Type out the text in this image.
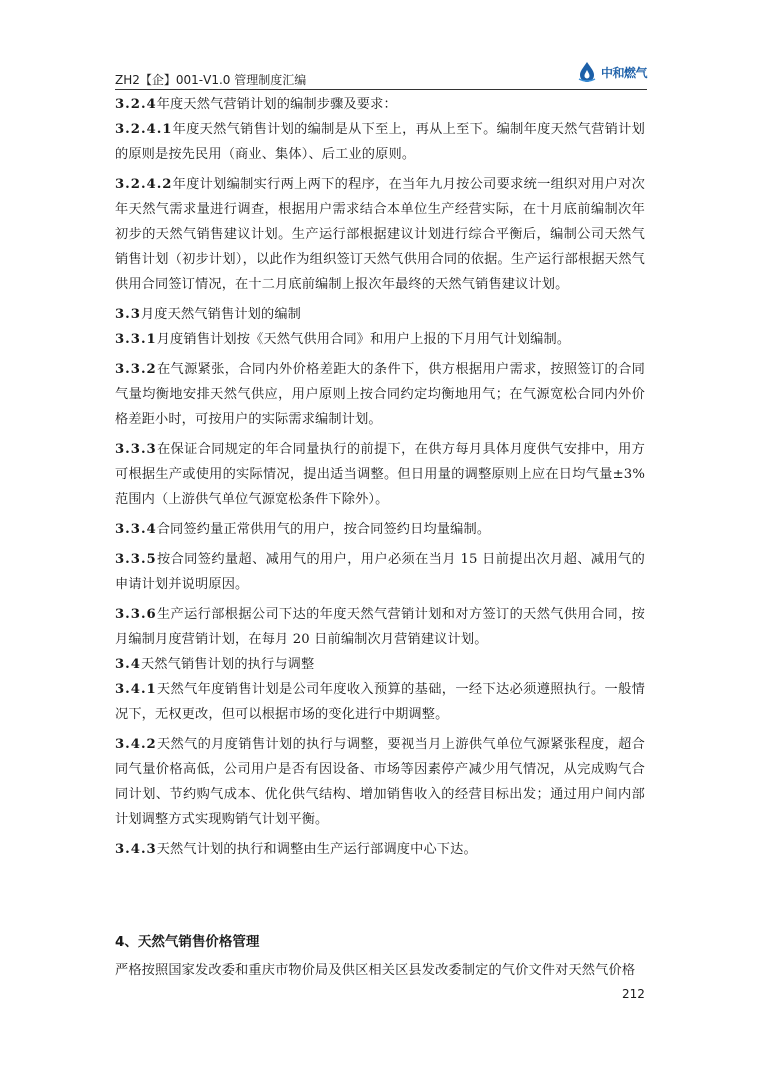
ZH2【企】001-V1.0 管理制度汇编
中和燃气

3.2.4年度天然气营销计划的编制步骤及要求：

3.2.4.1年度天然气销售计划的编制是从下至上，再从上至下。编制年度天然气营销计划的原则是按先民用（商业、集体）、后工业的原则。

3.2.4.2年度计划编制实行两上两下的程序，在当年九月按公司要求统一组织对用户对次年天然气需求量进行调查，根据用户需求结合本单位生产经营实际，在十月底前编制次年初步的天然气销售建议计划。生产运行部根据建议计划进行综合平衡后，编制公司天然气销售计划（初步计划），以此作为组织签订天然气供用合同的依据。生产运行部根据天然气供用合同签订情况，在十二月底前编制上报次年最终的天然气销售建议计划。

3.3月度天然气销售计划的编制

3.3.1月度销售计划按《天然气供用合同》和用户上报的下月用气计划编制。

3.3.2在气源紧张，合同内外价格差距大的条件下，供方根据用户需求，按照签订的合同气量均衡地安排天然气供应，用户原则上按合同约定均衡地用气；在气源宽松合同内外价格差距小时，可按用户的实际需求编制计划。

3.3.3在保证合同规定的年合同量执行的前提下，在供方每月具体月度供气安排中，用方可根据生产或使用的实际情况，提出适当调整。但日用量的调整原则上应在日均气量±3%范围内（上游供气单位气源宽松条件下除外）。

3.3.4合同签约量正常供用气的用户，按合同签约日均量编制。

3.3.5按合同签约量超、减用气的用户，用户必须在当月 15 日前提出次月超、减用气的申请计划并说明原因。

3.3.6生产运行部根据公司下达的年度天然气营销计划和对方签订的天然气供用合同，按月编制月度营销计划，在每月 20 日前编制次月营销建议计划。

3.4天然气销售计划的执行与调整

3.4.1天然气年度销售计划是公司年度收入预算的基础，一经下达必须遵照执行。一般情况下，无权更改，但可以根据市场的变化进行中期调整。

3.4.2天然气的月度销售计划的执行与调整，要视当月上游供气单位气源紧张程度，超合同气量价格高低，公司用户是否有因设备、市场等因素停产减少用气情况，从完成购气合同计划、节约购气成本、优化供气结构、增加销售收入的经营目标出发；通过用户间内部计划调整方式实现购销气计划平衡。

3.4.3天然气计划的执行和调整由生产运行部调度中心下达。

4、天然气销售价格管理
严格按照国家发改委和重庆市物价局及供区相关区县发改委制定的气价文件对天然气价格
212
